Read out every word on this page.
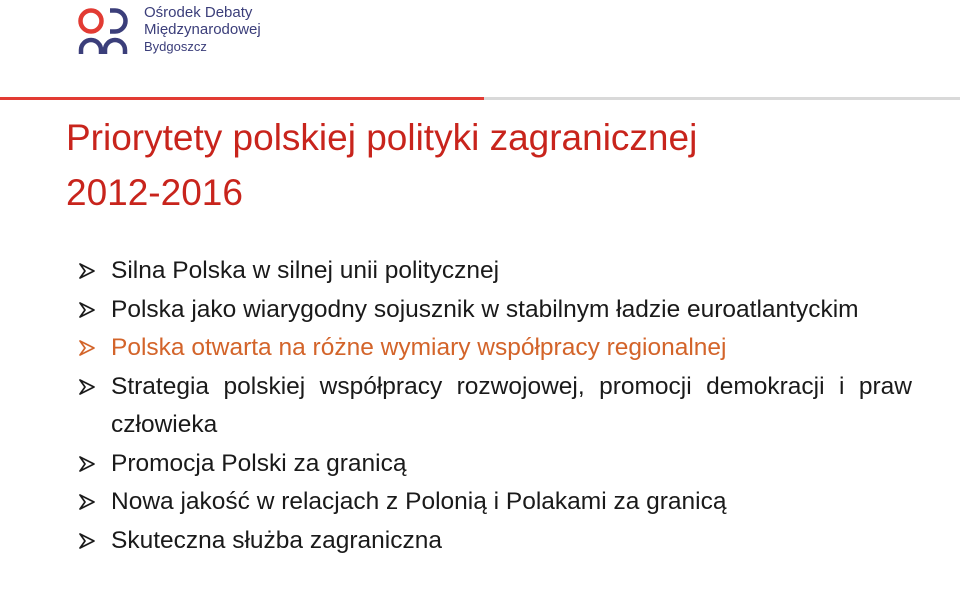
Ośrodek Debaty
Międzynarodowej
Bydgoszcz
Priorytety polskiej polityki zagranicznej
2012-2016
Silna Polska w silnej unii politycznej
Polska jako wiarygodny sojusznik w stabilnym ładzie euroatlantyckim
Polska otwarta na różne wymiary współpracy regionalnej
Strategia polskiej współpracy rozwojowej, promocji demokracji i praw człowieka
Promocja Polski za granicą
Nowa jakość w relacjach z Polonią i Polakami za granicą
Skuteczna służba zagraniczna
